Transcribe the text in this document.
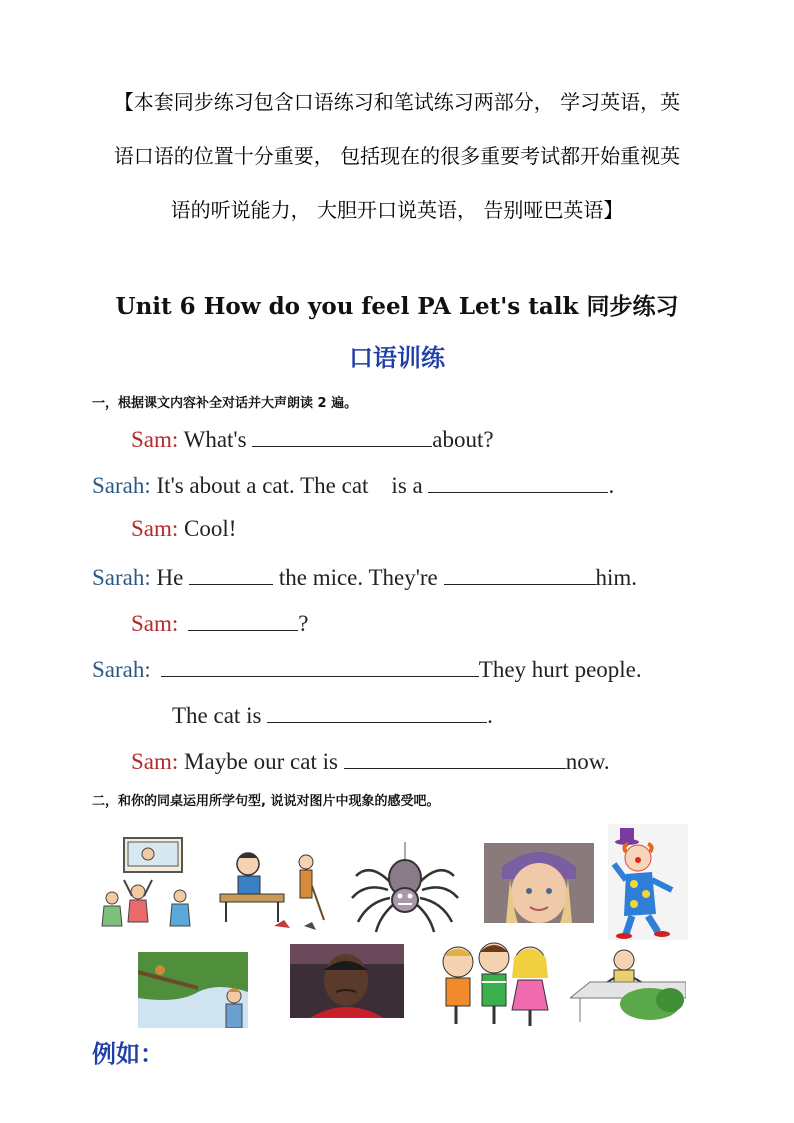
【本套同步练习包含口语练习和笔试练习两部分， 学习英语，英
语口语的位置十分重要， 包括现在的很多重要考试都开始重视英
语的听说能力， 大胆开口说英语， 告别哑巴英语】
Unit 6 How do you feel PA Let's talk 同步练习
口语训练
一，根据课文内容补全对话并大声朗读 2 遍。
Sam: What's	about?
Sarah: It's about a cat. The cat    is a	.
Sam: Cool!
Sarah: He	the mice. They're	him.
Sam:	?
Sarah:	They hurt people.
The cat is	.
Sam: Maybe our cat is	now.
二，和你的同桌运用所学句型, 说说对图片中现象的感受吧。
例如：
